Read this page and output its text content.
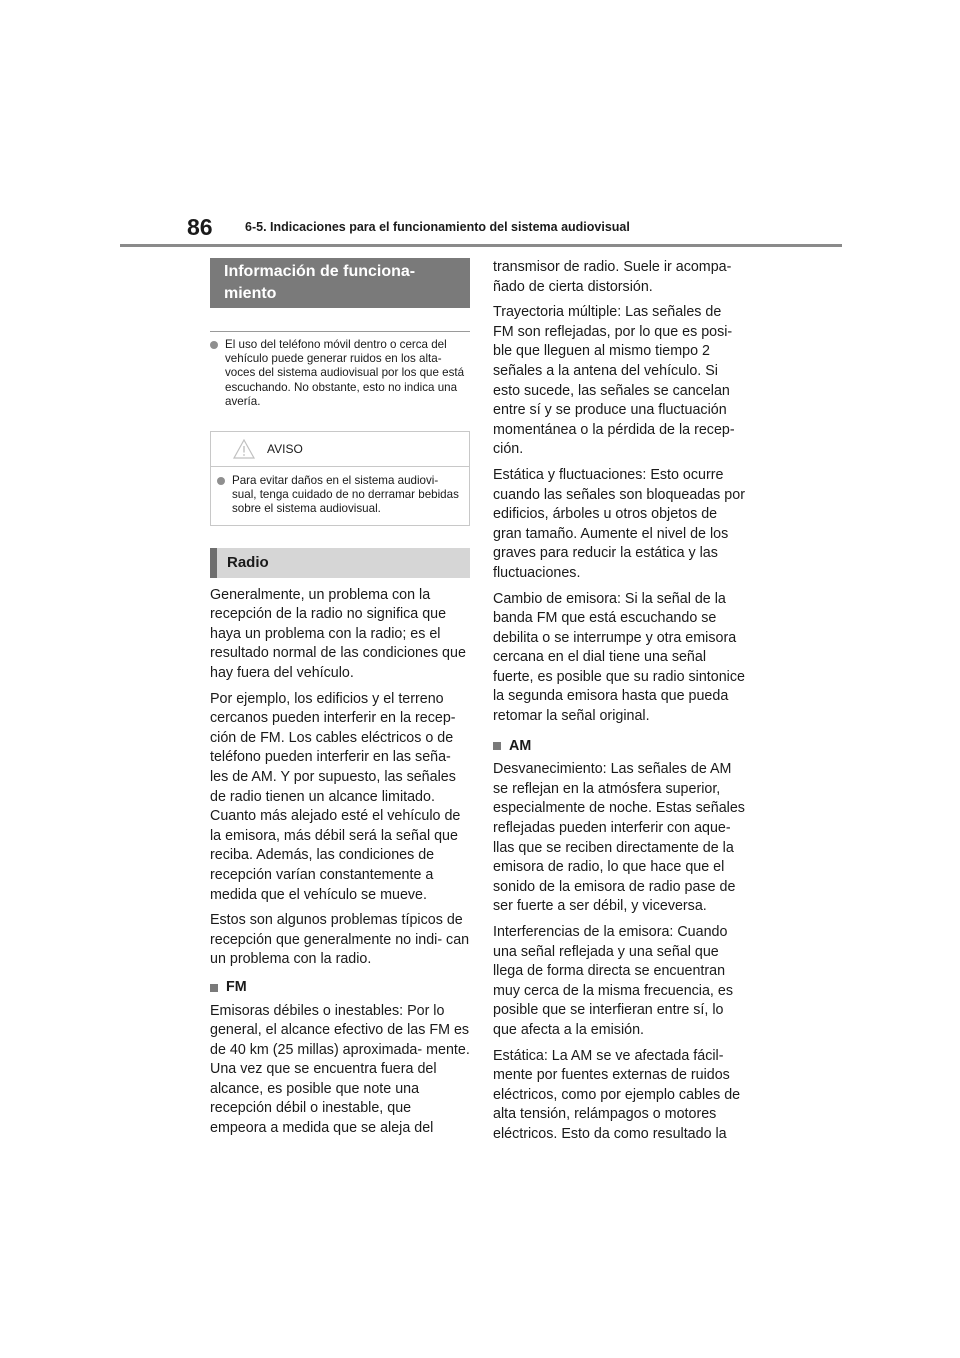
86	6-5. Indicaciones para el funcionamiento del sistema audiovisual
Información de funciona-
miento
El uso del teléfono móvil dentro o cerca del vehículo puede generar ruidos en los alta- voces del sistema audiovisual por los que está escuchando. No obstante, esto no indica una avería.
AVISO
Para evitar daños en el sistema audiovi- sual, tenga cuidado de no derramar bebidas sobre el sistema audiovisual.
Radio

Generalmente, un problema con la recepción de la radio no significa que haya un problema con la radio; es el resultado normal de las condiciones que hay fuera del vehículo.

Por ejemplo, los edificios y el terreno cercanos pueden interferir en la recep- ción de FM. Los cables eléctricos o de teléfono pueden interferir en las seña- les de AM. Y por supuesto, las señales de radio tienen un alcance limitado. Cuanto más alejado esté el vehículo de la emisora, más débil será la señal que reciba. Además, las condiciones de recepción varían constantemente a medida que el vehículo se mueve.

Estos son algunos problemas típicos de recepción que generalmente no indi- can un problema con la radio.

FM

Emisoras débiles o inestables: Por lo general, el alcance efectivo de las FM es de 40 km (25 millas) aproximada- mente. Una vez que se encuentra fuera del alcance, es posible que note una recepción débil o inestable, que empeora a medida que se aleja del

transmisor de radio. Suele ir acompa- ñado de cierta distorsión.

Trayectoria múltiple: Las señales de FM son reflejadas, por lo que es posi- ble que lleguen al mismo tiempo 2 señales a la antena del vehículo. Si esto sucede, las señales se cancelan entre sí y se produce una fluctuación momentánea o la pérdida de la recep- ción.

Estática y fluctuaciones: Esto ocurre cuando las señales son bloqueadas por edificios, árboles u otros objetos de gran tamaño. Aumente el nivel de los graves para reducir la estática y las fluctuaciones.

Cambio de emisora: Si la señal de la banda FM que está escuchando se debilita o se interrumpe y otra emisora cercana en el dial tiene una señal fuerte, es posible que su radio sintonice la segunda emisora hasta que pueda retomar la señal original.

AM

Desvanecimiento: Las señales de AM se reflejan en la atmósfera superior, especialmente de noche. Estas señales reflejadas pueden interferir con aque- llas que se reciben directamente de la emisora de radio, lo que hace que el sonido de la emisora de radio pase de ser fuerte a ser débil, y viceversa.

Interferencias de la emisora: Cuando una señal reflejada y una señal que llega de forma directa se encuentran muy cerca de la misma frecuencia, es posible que se interfieran entre sí, lo que afecta a la emisión.

Estática: La AM se ve afectada fácil- mente por fuentes externas de ruidos eléctricos, como por ejemplo cables de alta tensión, relámpagos o motores eléctricos. Esto da como resultado la
